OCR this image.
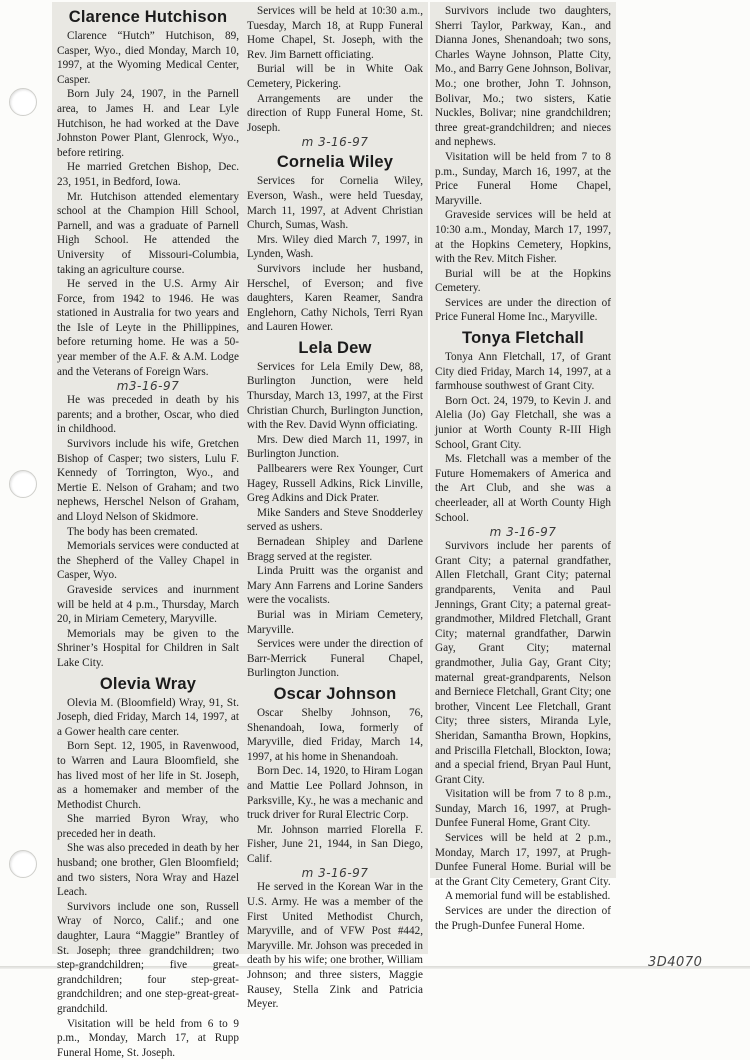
Clarence Hutchison

Clarence “Hutch” Hutchison, 89, Casper, Wyo., died Monday, March 10, 1997, at the Wyoming Medical Center, Casper.

Born July 24, 1907, in the Parnell area, to James H. and Lear Lyle Hutchison, he had worked at the Dave Johnston Power Plant, Glenrock, Wyo., before retiring.

He married Gretchen Bishop, Dec. 23, 1951, in Bedford, Iowa.

Mr. Hutchison attended elementary school at the Champion Hill School, Parnell, and was a graduate of Parnell High School. He attended the University of Missouri-Columbia, taking an agriculture course.

He served in the U.S. Army Air Force, from 1942 to 1946. He was stationed in Australia for two years and the Isle of Leyte in the Phillippines, before returning home. He was a 50-year member of the A.F. & A.M. Lodge and the Veterans of Foreign Wars.

m3-16-97

He was preceded in death by his parents; and a brother, Oscar, who died in childhood.

Survivors include his wife, Gretchen Bishop of Casper; two sisters, Lulu F. Kennedy of Torrington, Wyo., and Mertie E. Nelson of Graham; and two nephews, Herschel Nelson of Graham, and Lloyd Nelson of Skidmore.

The body has been cremated.

Memorials services were conducted at the Shepherd of the Valley Chapel in Casper, Wyo.

Graveside services and inurnment will be held at 4 p.m., Thursday, March 20, in Miriam Cemetery, Maryville.

Memorials may be given to the Shriner’s Hospital for Children in Salt Lake City.

Olevia Wray

Olevia M. (Bloomfield) Wray, 91, St. Joseph, died Friday, March 14, 1997, at a Gower health care center.

Born Sept. 12, 1905, in Ravenwood, to Warren and Laura Bloomfield, she has lived most of her life in St. Joseph, as a homemaker and member of the Methodist Church.

She married Byron Wray, who preceded her in death.

She was also preceded in death by her husband; one brother, Glen Bloomfield; and two sisters, Nora Wray and Hazel Leach.

Survivors include one son, Russell Wray of Norco, Calif.; and one daughter, Laura “Maggie” Brantley of St. Joseph; three grandchildren; two step-grandchildren; five great-grandchildren; four step-great-grandchildren; and one step-great-great-grandchild.

Visitation will be held from 6 to 9 p.m., Monday, March 17, at Rupp Funeral Home, St. Joseph.

Services will be held at 10:30 a.m., Tuesday, March 18, at Rupp Funeral Home Chapel, St. Joseph, with the Rev. Jim Barnett officiating.

Burial will be in White Oak Cemetery, Pickering.

Arrangements are under the direction of Rupp Funeral Home, St. Joseph.

m 3-16-97

Cornelia Wiley

Services for Cornelia Wiley, Everson, Wash., were held Tuesday, March 11, 1997, at Advent Christian Church, Sumas, Wash.

Mrs. Wiley died March 7, 1997, in Lynden, Wash.

Survivors include her husband, Herschel, of Everson; and five daughters, Karen Reamer, Sandra Englehorn, Cathy Nichols, Terri Ryan and Lauren Hower.

Lela Dew

Services for Lela Emily Dew, 88, Burlington Junction, were held Thursday, March 13, 1997, at the First Christian Church, Burlington Junction, with the Rev. David Wynn officiating.

Mrs. Dew died March 11, 1997, in Burlington Junction.

Pallbearers were Rex Younger, Curt Hagey, Russell Adkins, Rick Linville, Greg Adkins and Dick Prater.

Mike Sanders and Steve Snodderley served as ushers.

Bernadean Shipley and Darlene Bragg served at the register.

Linda Pruitt was the organist and Mary Ann Farrens and Lorine Sanders were the vocalists.

Burial was in Miriam Cemetery, Maryville.

Services were under the direction of Barr-Merrick Funeral Chapel, Burlington Junction.

Oscar Johnson

Oscar Shelby Johnson, 76, Shenandoah, Iowa, formerly of Maryville, died Friday, March 14, 1997, at his home in Shenandoah.

Born Dec. 14, 1920, to Hiram Logan and Mattie Lee Pollard Johnson, in Parksville, Ky., he was a mechanic and truck driver for Rural Electric Corp.

Mr. Johnson married Florella F. Fisher, June 21, 1944, in San Diego, Calif.

m 3-16-97

He served in the Korean War in the U.S. Army. He was a member of the First United Methodist Church, Maryville, and of VFW Post #442, Maryville. Mr. Johson was preceded in death by his wife; one brother, William Johnson; and three sisters, Maggie Rausey, Stella Zink and Patricia Meyer.

Survivors include two daughters, Sherri Taylor, Parkway, Kan., and Dianna Jones, Shenandoah; two sons, Charles Wayne Johnson, Platte City, Mo., and Barry Gene Johnson, Bolivar, Mo.; one brother, John T. Johnson, Bolivar, Mo.; two sisters, Katie Nuckles, Bolivar; nine grandchildren; three great-grandchildren; and nieces and nephews.

Visitation will be held from 7 to 8 p.m., Sunday, March 16, 1997, at the Price Funeral Home Chapel, Maryville.

Graveside services will be held at 10:30 a.m., Monday, March 17, 1997, at the Hopkins Cemetery, Hopkins, with the Rev. Mitch Fisher.

Burial will be at the Hopkins Cemetery.

Services are under the direction of Price Funeral Home Inc., Maryville.

Tonya Fletchall

Tonya Ann Fletchall, 17, of Grant City died Friday, March 14, 1997, at a farmhouse southwest of Grant City.

Born Oct. 24, 1979, to Kevin J. and Alelia (Jo) Gay Fletchall, she was a junior at Worth County R-III High School, Grant City.

Ms. Fletchall was a member of the Future Homemakers of America and the Art Club, and she was a cheerleader, all at Worth County High School.

m 3-16-97

Survivors include her parents of Grant City; a paternal grandfather, Allen Fletchall, Grant City; paternal grandparents, Venita and Paul Jennings, Grant City; a paternal great-grandmother, Mildred Fletchall, Grant City; maternal grandfather, Darwin Gay, Grant City; maternal grandmother, Julia Gay, Grant City; maternal great-grandparents, Nelson and Berniece Fletchall, Grant City; one brother, Vincent Lee Fletchall, Grant City; three sisters, Miranda Lyle, Sheridan, Samantha Brown, Hopkins, and Priscilla Fletchall, Blockton, Iowa; and a special friend, Bryan Paul Hunt, Grant City.

Visitation will be from 7 to 8 p.m., Sunday, March 16, 1997, at Prugh-Dunfee Funeral Home, Grant City.

Services will be held at 2 p.m., Monday, March 17, 1997, at Prugh-Dunfee Funeral Home. Burial will be at the Grant City Cemetery, Grant City.

A memorial fund will be established.

Services are under the direction of the Prugh-Dunfee Funeral Home.

3D4070
